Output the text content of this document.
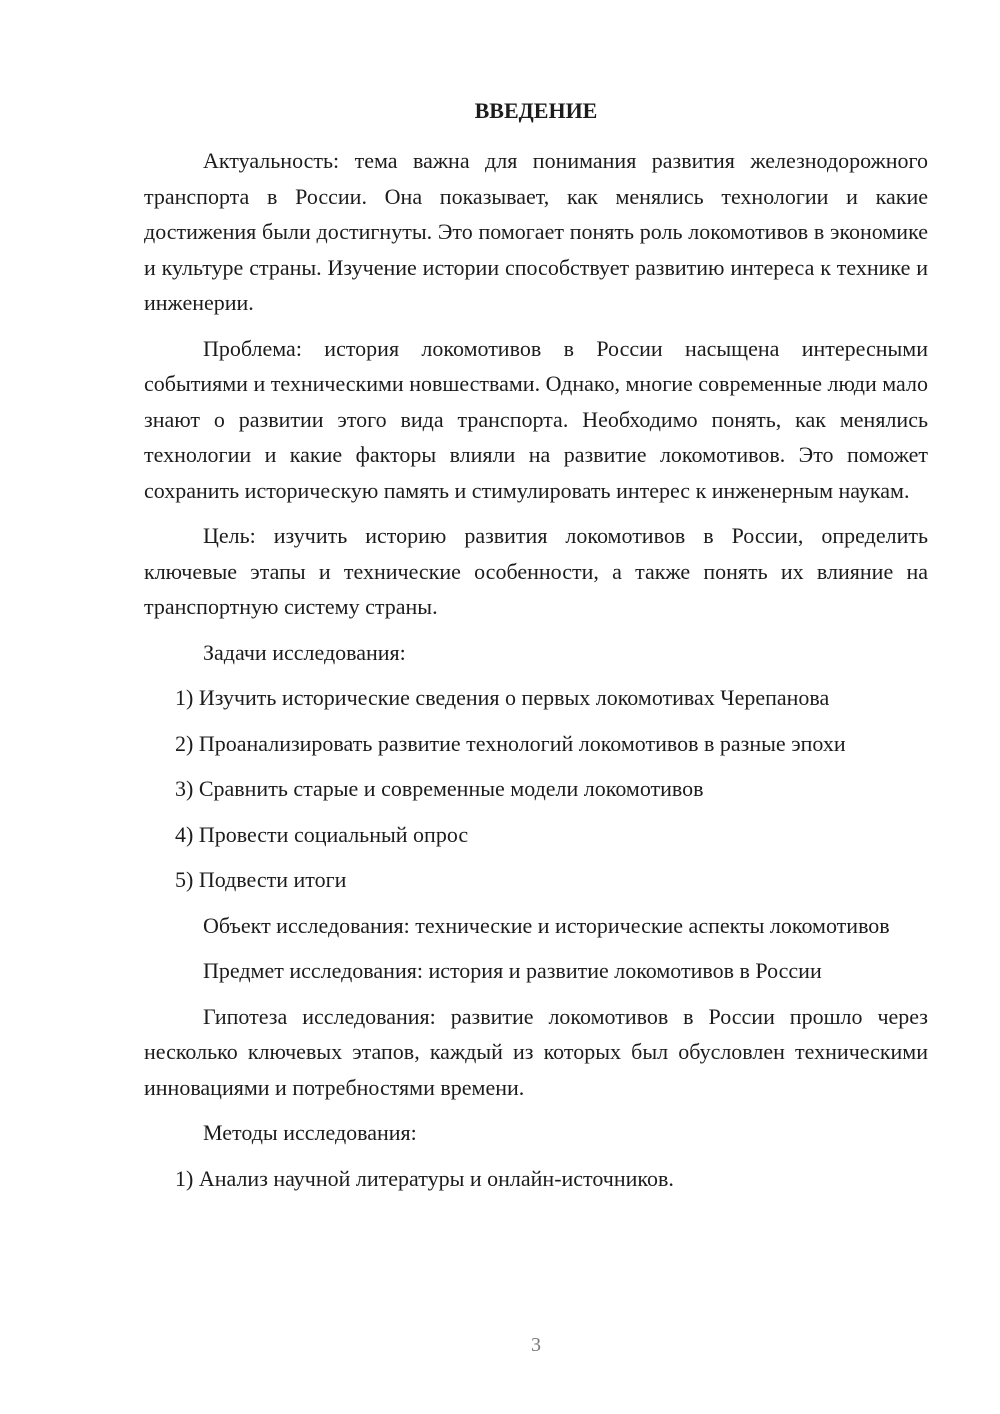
ВВЕДЕНИЕ

Актуальность: тема важна для понимания развития железнодорожного транспорта в России. Она показывает, как менялись технологии и какие достижения были достигнуты. Это помогает понять роль локомотивов в экономике и культуре страны. Изучение истории способствует развитию интереса к технике и инженерии.

Проблема: история локомотивов в России насыщена интересными событиями и техническими новшествами. Однако, многие современные люди мало знают о развитии этого вида транспорта. Необходимо понять, как менялись технологии и какие факторы влияли на развитие локомотивов. Это поможет сохранить историческую память и стимулировать интерес к инженерным наукам.

Цель: изучить историю развития локомотивов в России, определить ключевые этапы и технические особенности, а также понять их влияние на транспортную систему страны.

Задачи исследования:

1) Изучить исторические сведения о первых локомотивах Черепанова

2) Проанализировать развитие технологий локомотивов в разные эпохи

3) Сравнить старые и современные модели локомотивов

4) Провести социальный опрос

5) Подвести итоги

Объект исследования: технические и исторические аспекты локомотивов

Предмет исследования: история и развитие локомотивов в России

Гипотеза исследования: развитие локомотивов в России прошло через несколько ключевых этапов, каждый из которых был обусловлен техническими инновациями и потребностями времени.

Методы исследования:

1) Анализ научной литературы и онлайн-источников.

3
